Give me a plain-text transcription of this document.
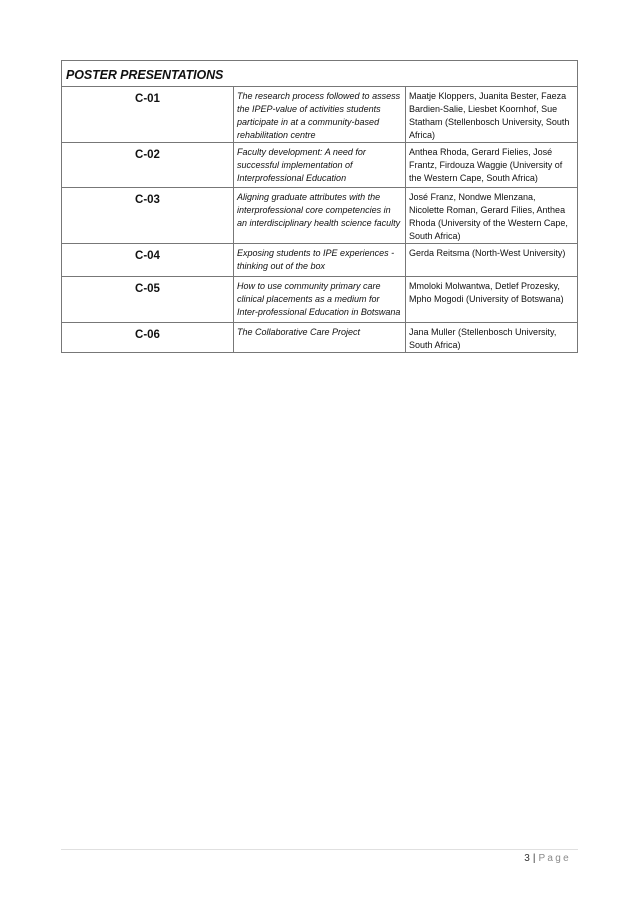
POSTER PRESENTATIONS		

C-01	The research process followed to assess the IPEP-value of activities students participate in at a community-based rehabilitation centre	Maatje Kloppers, Juanita Bester, Faeza Bardien-Salie, Liesbet Koornhof, Sue Statham (Stellenbosch University, South Africa)

C-02	Faculty development: A need for successful implementation of Interprofessional Education	Anthea Rhoda, Gerard Fielies, José Frantz, Firdouza Waggie (University of the Western Cape, South Africa)

C-03	Aligning graduate attributes with the interprofessional core competencies in an interdisciplinary health science faculty	José Franz, Nondwe Mlenzana, Nicolette Roman, Gerard Filies, Anthea Rhoda (University of the Western Cape, South Africa)

C-04	Exposing students to IPE experiences - thinking out of the box	Gerda Reitsma (North-West University)

C-05	How to use community primary care clinical placements as a medium for Inter-professional Education in Botswana	Mmoloki Molwantwa, Detlef Prozesky, Mpho Mogodi (University of Botswana)

C-06	The Collaborative Care Project	Jana Muller (Stellenbosch University, South Africa)
3 | Page
